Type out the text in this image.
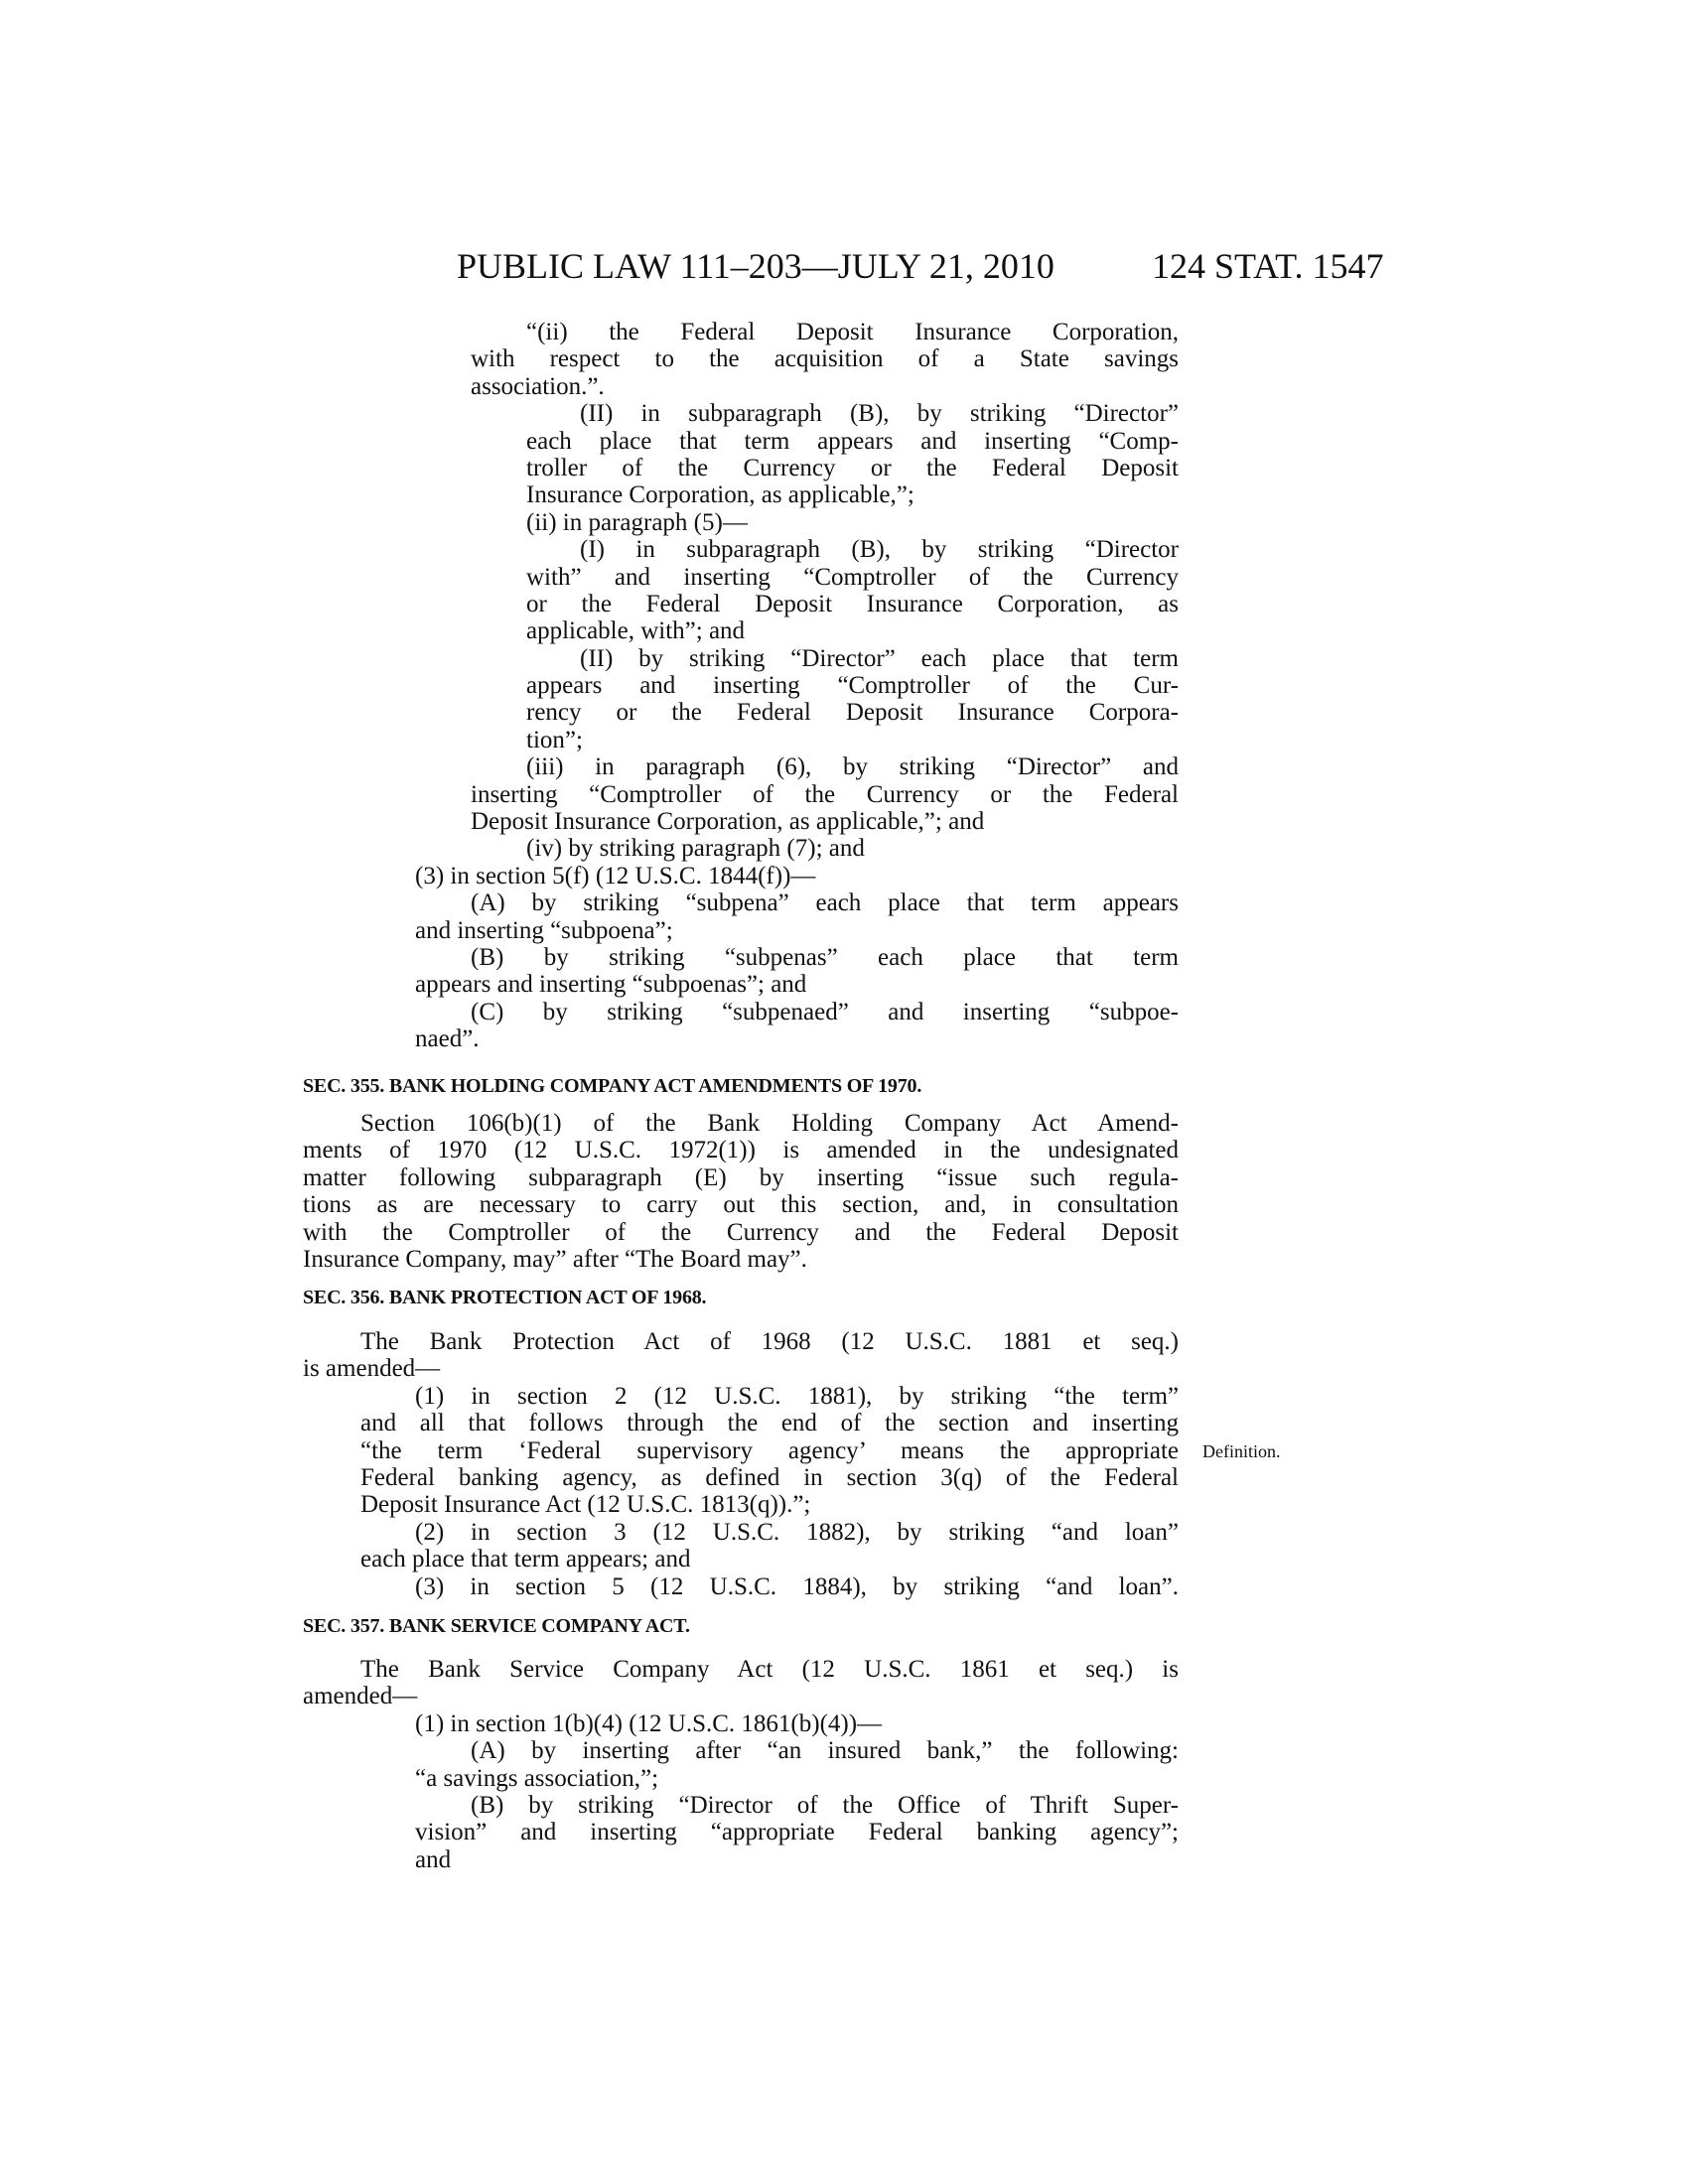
PUBLIC LAW 111–203—JULY 21, 2010	124 STAT. 1547
“(ii) the Federal Deposit Insurance Corporation,
with respect to the acquisition of a State savings
association.”.
(II) in subparagraph (B), by striking “Director”
each place that term appears and inserting “Comp-
troller of the Currency or the Federal Deposit
Insurance Corporation, as applicable,”;
(ii) in paragraph (5)—
(I) in subparagraph (B), by striking “Director
with” and inserting “Comptroller of the Currency
or the Federal Deposit Insurance Corporation, as
applicable, with”; and
(II) by striking “Director” each place that term
appears and inserting “Comptroller of the Cur-
rency or the Federal Deposit Insurance Corpora-
tion”;
(iii) in paragraph (6), by striking “Director” and
inserting “Comptroller of the Currency or the Federal
Deposit Insurance Corporation, as applicable,”; and
(iv) by striking paragraph (7); and
(3) in section 5(f) (12 U.S.C. 1844(f))—
(A) by striking “subpena” each place that term appears
and inserting “subpoena”;
(B) by striking “subpenas” each place that term
appears and inserting “subpoenas”; and
(C) by striking “subpenaed” and inserting “subpoe-
naed”.
SEC. 355. BANK HOLDING COMPANY ACT AMENDMENTS OF 1970.
Section 106(b)(1) of the Bank Holding Company Act Amend-
ments of 1970 (12 U.S.C. 1972(1)) is amended in the undesignated
matter following subparagraph (E) by inserting “issue such regula-
tions as are necessary to carry out this section, and, in consultation
with the Comptroller of the Currency and the Federal Deposit
Insurance Company, may” after “The Board may”.
SEC. 356. BANK PROTECTION ACT OF 1968.
The Bank Protection Act of 1968 (12 U.S.C. 1881 et seq.)
is amended—
(1) in section 2 (12 U.S.C. 1881), by striking “the term”
and all that follows through the end of the section and inserting
“the term ‘Federal supervisory agency’ means the appropriate
Federal banking agency, as defined in section 3(q) of the Federal
Deposit Insurance Act (12 U.S.C. 1813(q)).”;
(2) in section 3 (12 U.S.C. 1882), by striking “and loan”
each place that term appears; and
(3) in section 5 (12 U.S.C. 1884), by striking “and loan”.
Definition.
SEC. 357. BANK SERVICE COMPANY ACT.
The Bank Service Company Act (12 U.S.C. 1861 et seq.) is
amended—
(1) in section 1(b)(4) (12 U.S.C. 1861(b)(4))—
(A) by inserting after “an insured bank,” the following:
“a savings association,”;
(B) by striking “Director of the Office of Thrift Super-
vision” and inserting “appropriate Federal banking agency”;
and
